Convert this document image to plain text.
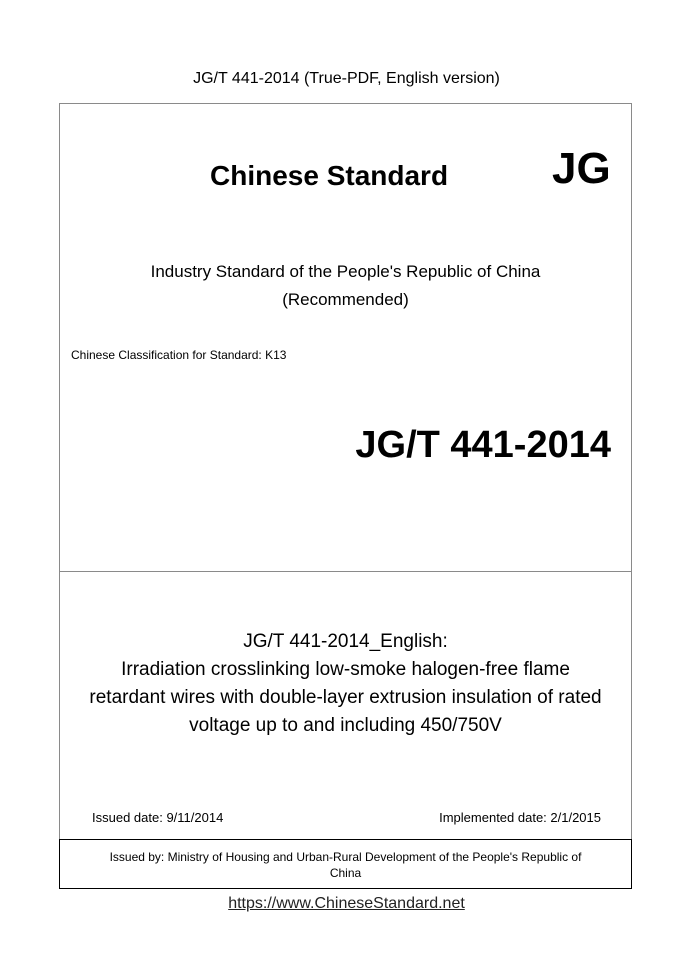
JG/T 441-2014 (True-PDF, English version)
Chinese Standard JG
Industry Standard of the People's Republic of China
(Recommended)
Chinese Classification for Standard: K13
JG/T 441-2014
JG/T 441-2014_English:
Irradiation crosslinking low-smoke halogen-free flame
retardant wires with double-layer extrusion insulation of rated
voltage up to and including 450/750V
Issued date: 9/11/2014	Implemented date: 2/1/2015
Issued by: Ministry of Housing and Urban-Rural Development of the People's Republic of
China
https://www.ChineseStandard.net
